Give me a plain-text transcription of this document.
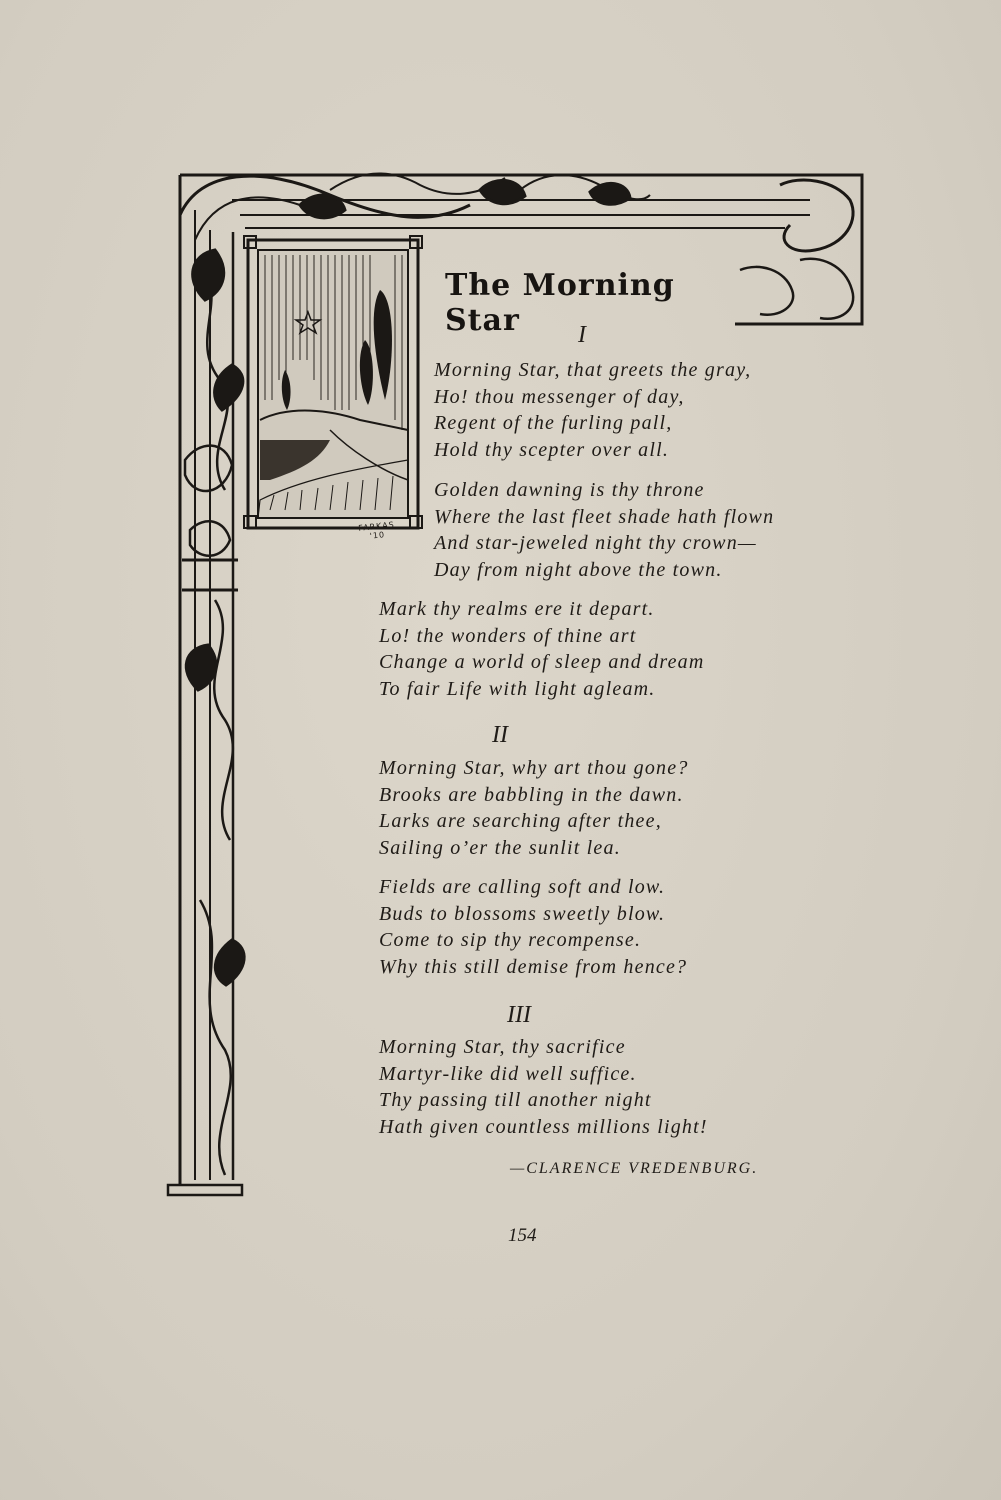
FARKAS
'10
The Morning Star	I
Morning Star, that greets the gray,
Ho! thou messenger of day,
Regent of the furling pall,
Hold thy scepter over all.
Golden dawning is thy throne
Where the last fleet shade hath flown
And star-jeweled night thy crown—
Day from night above the town.
Mark thy realms ere it depart.
Lo! the wonders of thine art
Change a world of sleep and dream
To fair Life with light agleam.
II
Morning Star, why art thou gone?
Brooks are babbling in the dawn.
Larks are searching after thee,
Sailing o’er the sunlit lea.
Fields are calling soft and low.
Buds to blossoms sweetly blow.
Come to sip thy recompense.
Why this still demise from hence?
III
Morning Star, thy sacrifice
Martyr-like did well suffice.
Thy passing till another night
Hath given countless millions light!
—CLARENCE VREDENBURG.
154
